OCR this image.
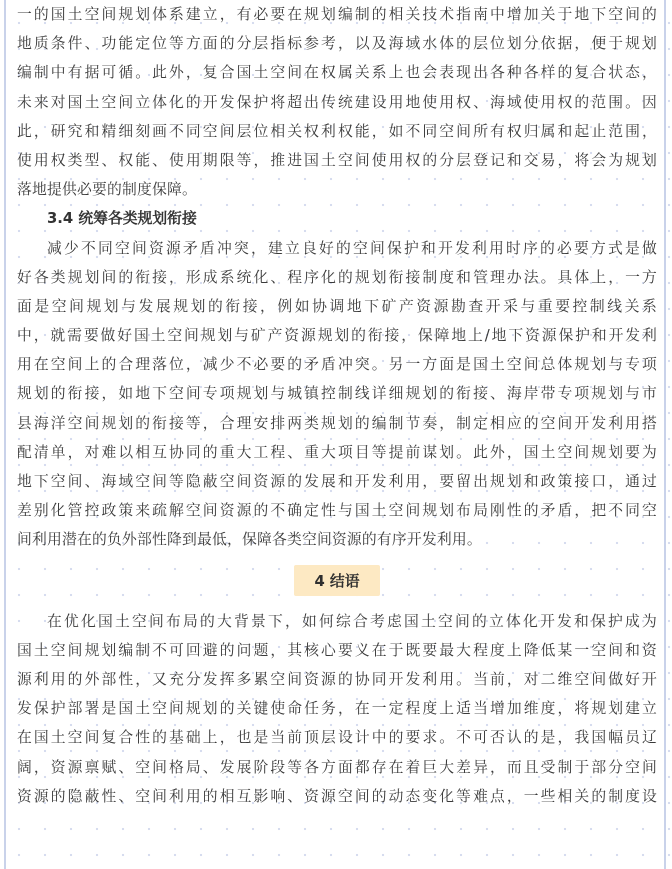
一的国土空间规划体系建立，有必要在规划编制的相关技术指南中增加关于地下空间的
地质条件、功能定位等方面的分层指标参考，以及海域水体的层位划分依据，便于规划
编制中有据可循。此外，复合国土空间在权属关系上也会表现出各种各样的复合状态，
未来对国土空间立体化的开发保护将超出传统建设用地使用权、海域使用权的范围。因
此，研究和精细刻画不同空间层位相关权利权能，如不同空间所有权归属和起止范围，
使用权类型、权能、使用期限等，推进国土空间使用权的分层登记和交易，将会为规划
落地提供必要的制度保障。
3.4 统筹各类规划衔接
减少不同空间资源矛盾冲突，建立良好的空间保护和开发利用时序的必要方式是做
好各类规划间的衔接，形成系统化、程序化的规划衔接制度和管理办法。具体上，一方
面是空间规划与发展规划的衔接，例如协调地下矿产资源勘查开采与重要控制线关系
中，就需要做好国土空间规划与矿产资源规划的衔接，保障地上/地下资源保护和开发利
用在空间上的合理落位，减少不必要的矛盾冲突。另一方面是国土空间总体规划与专项
规划的衔接，如地下空间专项规划与城镇控制线详细规划的衔接、海岸带专项规划与市
县海洋空间规划的衔接等，合理安排两类规划的编制节奏，制定相应的空间开发利用搭
配清单，对难以相互协同的重大工程、重大项目等提前谋划。此外，国土空间规划要为
地下空间、海域空间等隐蔽空间资源的发展和开发利用，要留出规划和政策接口，通过
差别化管控政策来疏解空间资源的不确定性与国土空间规划布局刚性的矛盾，把不同空
间利用潜在的负外部性降到最低，保障各类空间资源的有序开发利用。
4 结语
在优化国土空间布局的大背景下，如何综合考虑国土空间的立体化开发和保护成为
国土空间规划编制不可回避的问题，其核心要义在于既要最大程度上降低某一空间和资
源利用的外部性，又充分发挥多累空间资源的协同开发利用。当前，对二维空间做好开
发保护部署是国土空间规划的关键使命任务，在一定程度上适当增加维度，将规划建立
在国土空间复合性的基础上，也是当前顶层设计中的要求。不可否认的是，我国幅员辽
阔，资源禀赋、空间格局、发展阶段等各方面都存在着巨大差异，而且受制于部分空间
资源的隐蔽性、空间利用的相互影响、资源空间的动态变化等难点，一些相关的制度设
